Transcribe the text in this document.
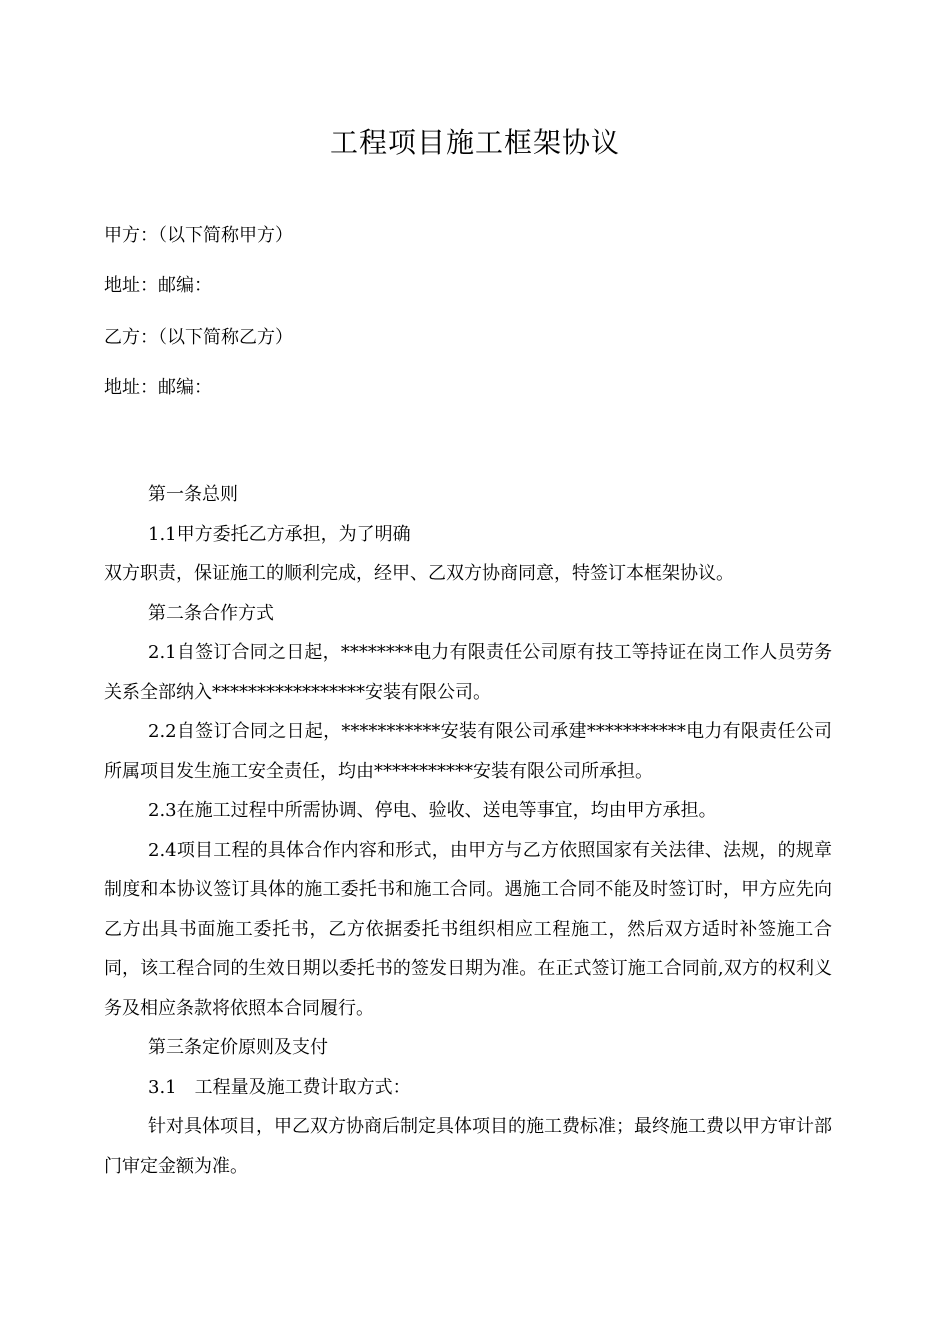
工程项目施工框架协议

甲方：（以下简称甲方）

地址：邮编：

乙方：（以下简称乙方）

地址：邮编：

第一条总则

1.1甲方委托乙方承担，为了明确

双方职责，保证施工的顺利完成，经甲、乙双方协商同意，特签订本框架协议。

第二条合作方式

2.1自签订合同之日起，********电力有限责任公司原有技工等持证在岗工作人员劳务关系全部纳入*****************安装有限公司。

2.2自签订合同之日起，***********安装有限公司承建***********电力有限责任公司所属项目发生施工安全责任，均由***********安装有限公司所承担。

2.3在施工过程中所需协调、停电、验收、送电等事宜，均由甲方承担。

2.4项目工程的具体合作内容和形式，由甲方与乙方依照国家有关法律、法规，的规章制度和本协议签订具体的施工委托书和施工合同。遇施工合同不能及时签订时，甲方应先向乙方出具书面施工委托书，乙方依据委托书组织相应工程施工，然后双方适时补签施工合同，该工程合同的生效日期以委托书的签发日期为准。在正式签订施工合同前,双方的权利义务及相应条款将依照本合同履行。

第三条定价原则及支付

3.1　工程量及施工费计取方式：

针对具体项目，甲乙双方协商后制定具体项目的施工费标准；最终施工费以甲方审计部门审定金额为准。
